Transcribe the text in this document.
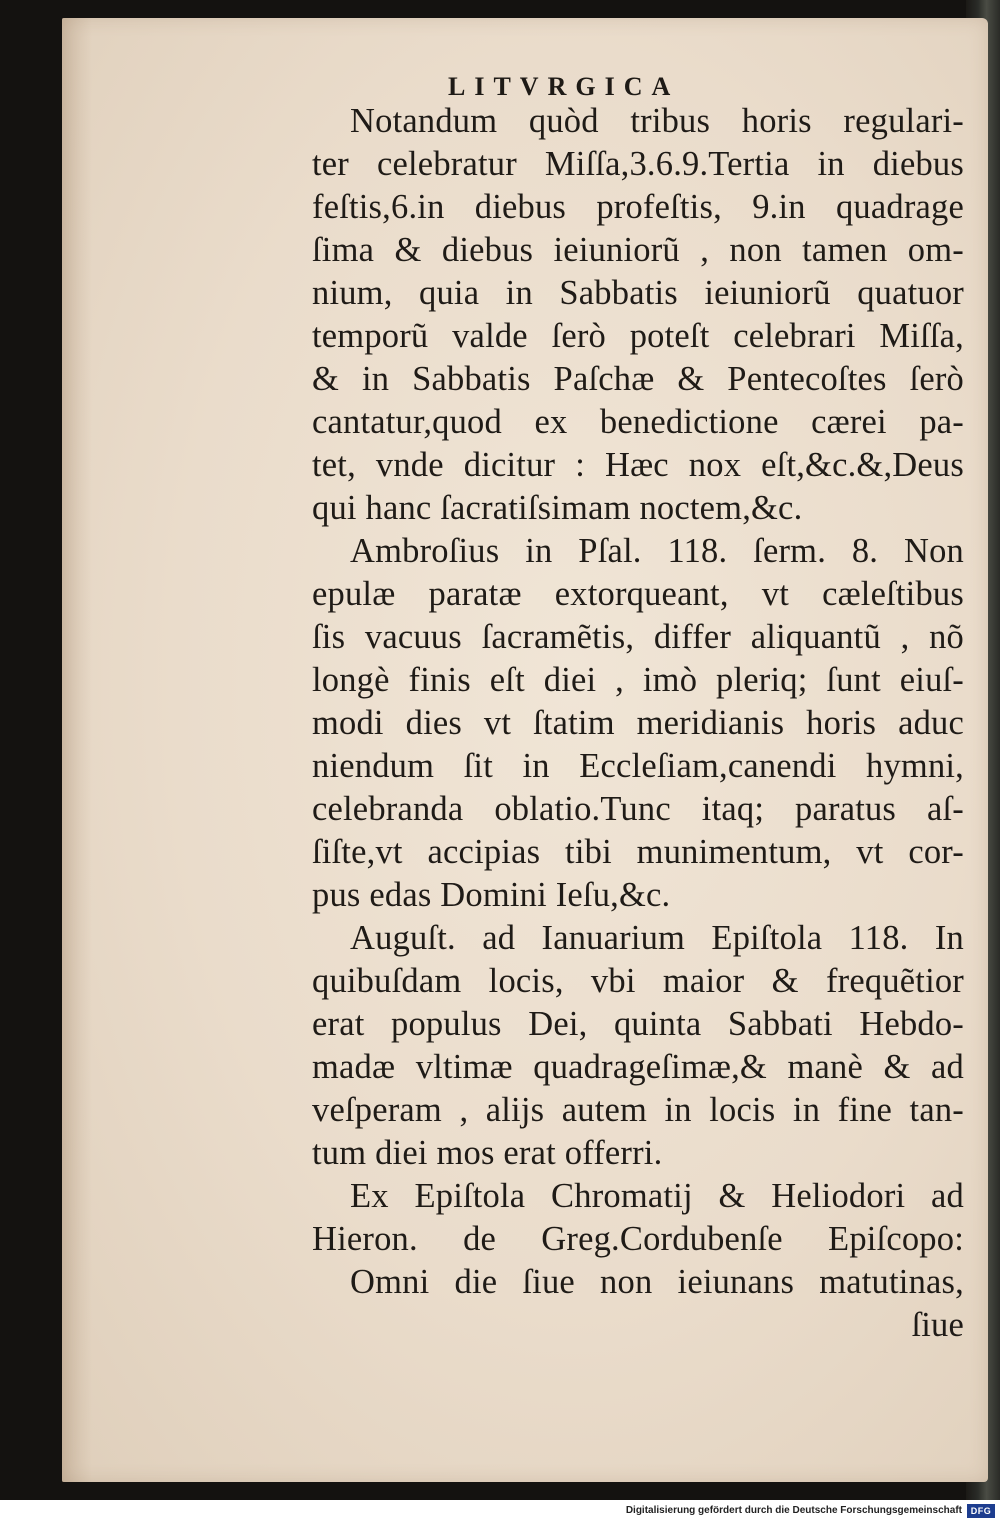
LITVRGICA
Notandum quòd tribus horis regulari-
ter celebratur Miſſa,3.6.9.Tertia in diebus
feſtis,6.in diebus profeſtis, 9.in quadrage
ſima & diebus ieiuniorũ , non tamen om-
nium, quia in Sabbatis ieiuniorũ quatuor
temporũ valde ſerò poteſt celebrari Miſſa,
& in Sabbatis Paſchæ & Pentecoſtes ſerò
cantatur,quod ex benedictione cærei pa-
tet, vnde dicitur : Hæc nox eſt,&c.&,Deus
qui hanc ſacratiſsimam noctem,&c.
Ambroſius in Pſal. 118. ſerm. 8. Non
epulæ paratæ extorqueant, vt cæleſtibus
ſis vacuus ſacramẽtis, differ aliquantũ , nõ
longè finis eſt diei , imò pleriq; ſunt eiuſ-
modi dies vt ſtatim meridianis horis aduc
niendum ſit in Eccleſiam,canendi hymni,
celebranda oblatio.Tunc itaq; paratus aſ-
ſiſte,vt accipias tibi munimentum, vt cor-
pus edas Domini Ieſu,&c.
Auguſt. ad Ianuarium Epiſtola 118. In
quibuſdam locis, vbi maior & frequẽtior
erat populus Dei, quinta Sabbati Hebdo-
madæ vltimæ quadrageſimæ,& manè & ad
veſperam , alijs autem in locis in fine tan-
tum diei mos erat offerri.
Ex Epiſtola Chromatij & Heliodori ad
Hieron. de Greg.Cordubenſe Epiſcopo:
Omni die ſiue non ieiunans matutinas,
ſiue
Digitalisierung gefördert durch die Deutsche Forschungsgemeinschaft DFG
